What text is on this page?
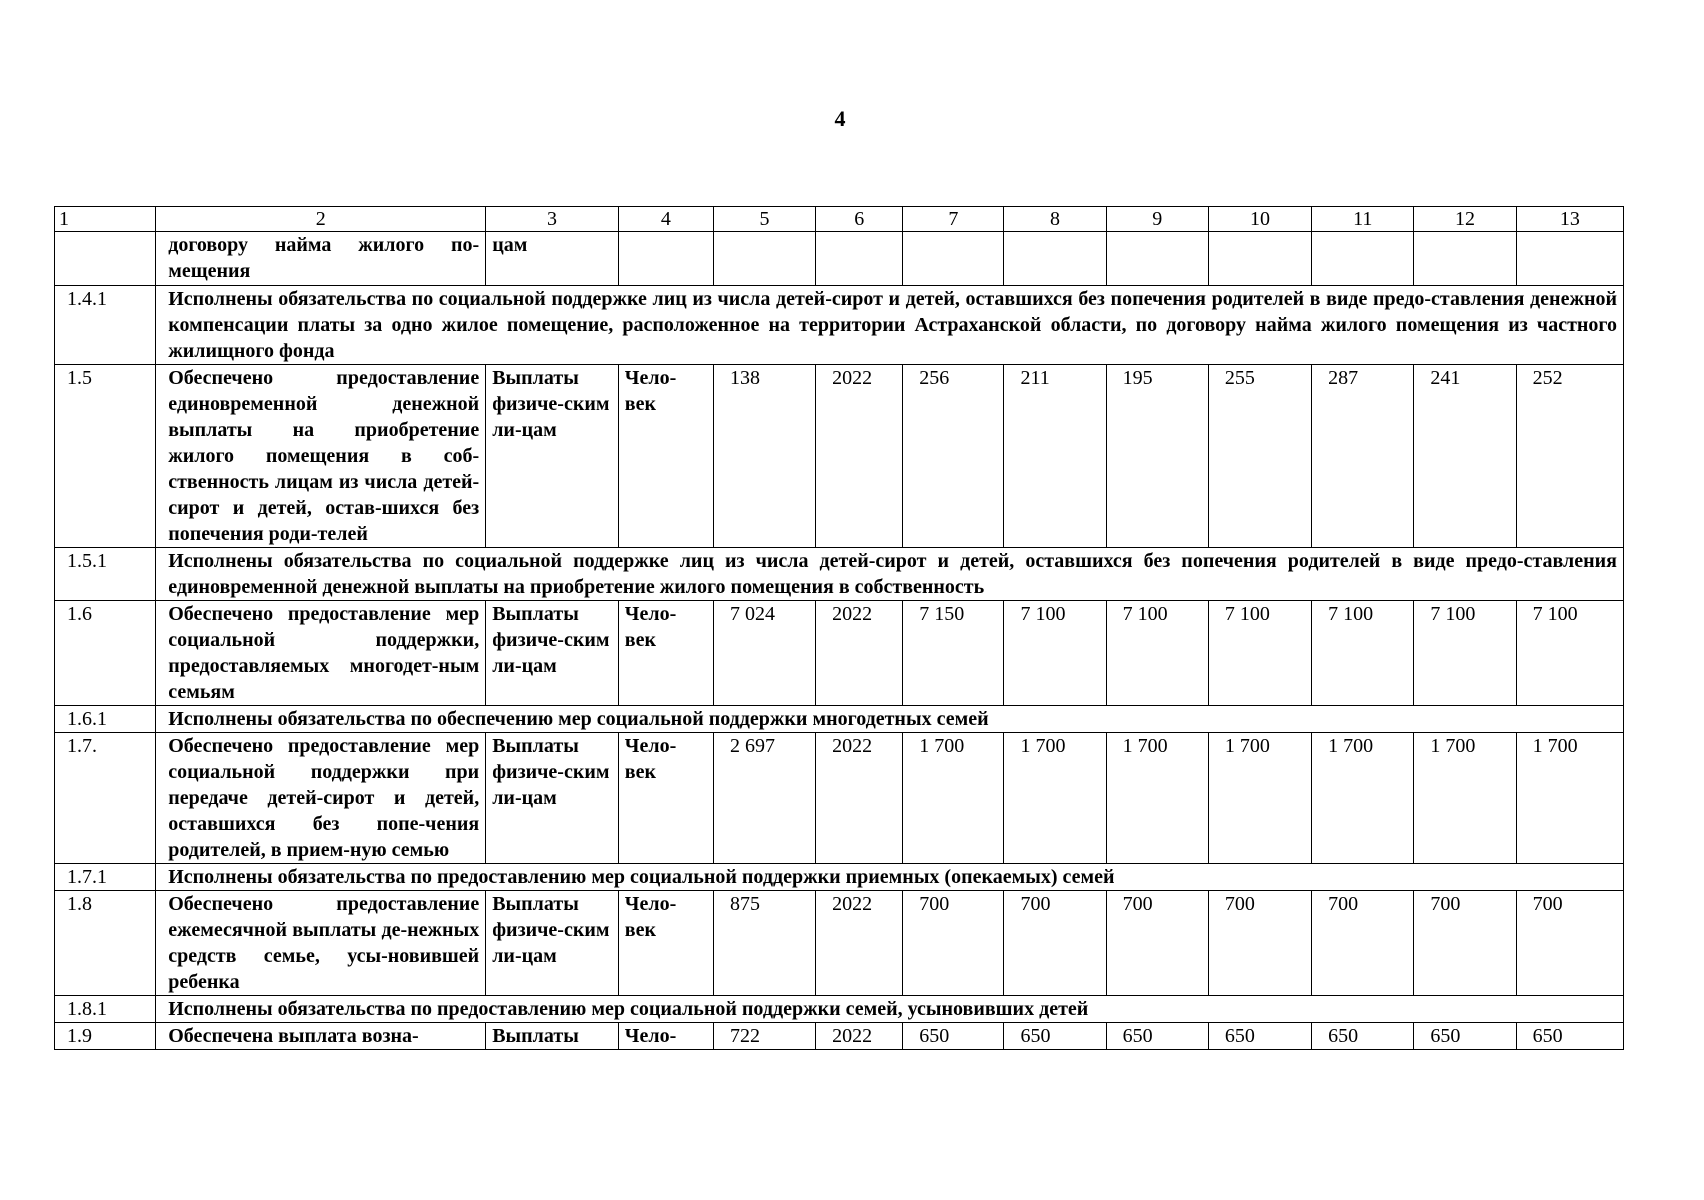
4
1	2	3	4	5	6	7	8	9	10	11	12	13
	договору найма жилого по-мещения	цам										
1.4.1	Исполнены обязательства по социальной поддержке лиц из числа детей-сирот и детей, оставшихся без попечения родителей в виде предо-ставления денежной компенсации платы за одно жилое помещение, расположенное на территории Астраханской области, по договору найма жилого помещения из частного жилищного фонда											
1.5	Обеспечено предоставление единовременной денежной выплаты на приобретение жилого помещения в соб-ственность лицам из числа детей-сирот и детей, остав-шихся без попечения роди-телей	Выплаты физиче-ским ли-цам	Чело-век	138	2022	256	211	195	255	287	241	252
1.5.1	Исполнены обязательства по социальной поддержке лиц из числа детей-сирот и детей, оставшихся без попечения родителей в виде предо-ставления единовременной денежной выплаты на приобретение жилого помещения в собственность											
1.6	Обеспечено предоставление мер социальной поддержки, предоставляемых многодет-ным семьям	Выплаты физиче-ским ли-цам	Чело-век	7 024	2022	7 150	7 100	7 100	7 100	7 100	7 100	7 100
1.6.1	Исполнены обязательства по обеспечению мер социальной поддержки многодетных семей											
1.7.	Обеспечено предоставление мер социальной поддержки при передаче детей-сирот и детей, оставшихся без попе-чения родителей, в прием-ную семью	Выплаты физиче-ским ли-цам	Чело-век	2 697	2022	1 700	1 700	1 700	1 700	1 700	1 700	1 700
1.7.1	Исполнены обязательства по предоставлению мер социальной поддержки приемных (опекаемых) семей											
1.8	Обеспечено предоставление ежемесячной выплаты де-нежных средств семье, усы-новившей ребенка	Выплаты физиче-ским ли-цам	Чело-век	875	2022	700	700	700	700	700	700	700
1.8.1	Исполнены обязательства по предоставлению мер социальной поддержки семей, усыновивших детей											
1.9	Обеспечена выплата возна-	Выплаты	Чело-	722	2022	650	650	650	650	650	650	650
